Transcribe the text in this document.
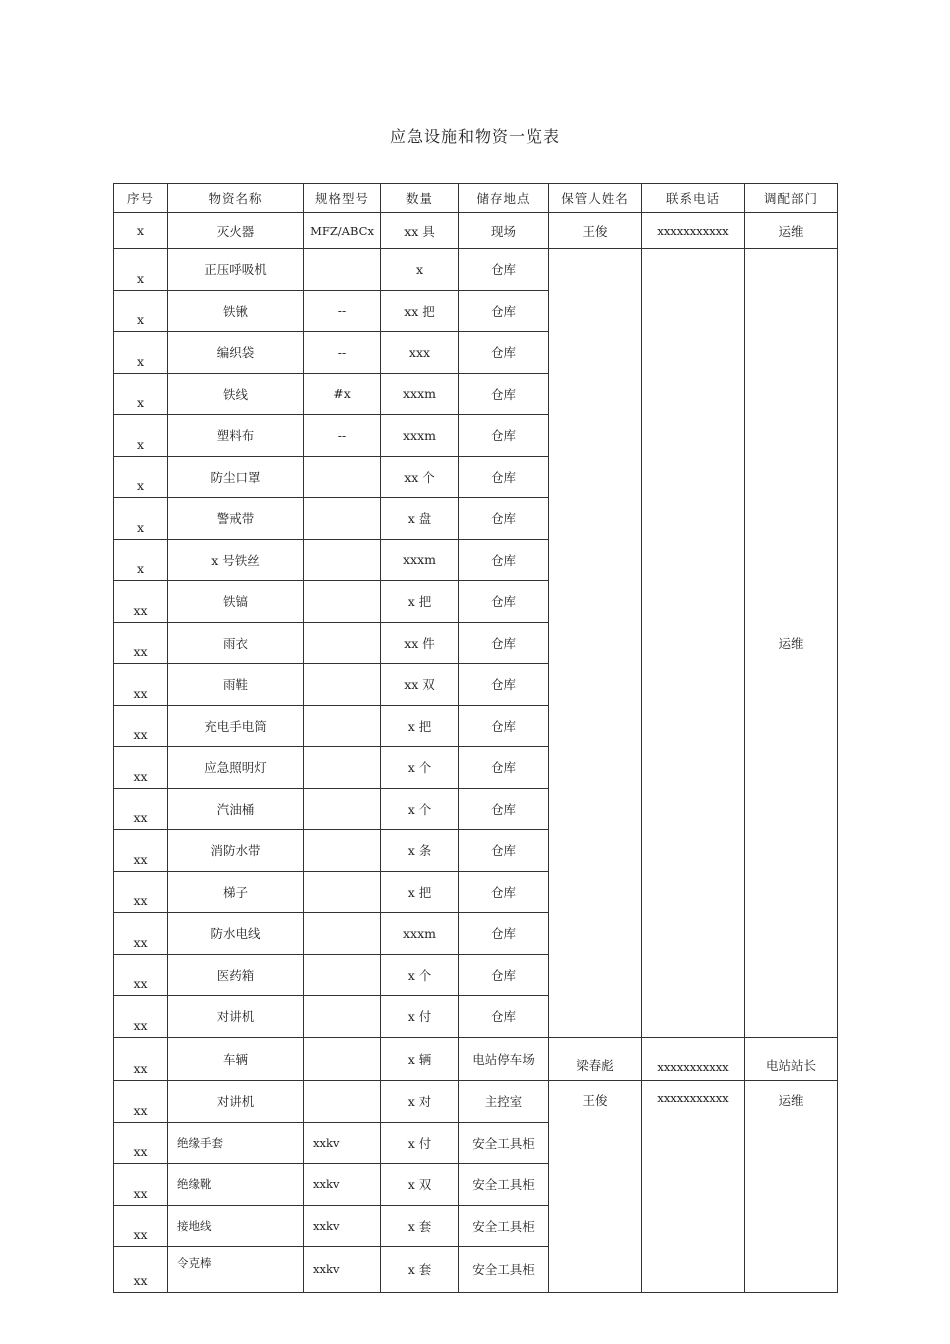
应急设施和物资一览表
序号	物资名称	规格型号	数量	储存地点	保管人姓名	联系电话	调配部门
x	灭火器	MFZ/ABCx	xx 具	现场	王俊	xxxxxxxxxxx	运维
x	正压呼吸机		x	仓库			运维
x	铁锹	--	xx 把	仓库			
x	编织袋	--	xxx	仓库			
x	铁线	#x	xxxm	仓库			
x	塑料布	--	xxxm	仓库			
x	防尘口罩		xx 个	仓库			
x	警戒带		x 盘	仓库			
x	x 号铁丝		xxxm	仓库			
xx	铁镐		x 把	仓库			
xx	雨衣		xx 件	仓库			
xx	雨鞋		xx 双	仓库			
xx	充电手电筒		x 把	仓库			
xx	应急照明灯		x 个	仓库			
xx	汽油桶		x 个	仓库			
xx	消防水带		x 条	仓库			
xx	梯子		x 把	仓库			
xx	防水电线		xxxm	仓库			
xx	医药箱		x 个	仓库			
xx	对讲机		x 付	仓库			
xx	车辆		x 辆	电站停车场	梁春彪	xxxxxxxxxxx	电站站长
xx	对讲机		x 对	主控室	王俊	xxxxxxxxxxx	运维
xx	绝缘手套	xxkv	x 付	安全工具柜			
xx	绝缘靴	xxkv	x 双	安全工具柜			
xx	接地线	xxkv	x 套	安全工具柜			
xx	令克棒	xxkv	x 套	安全工具柜			
